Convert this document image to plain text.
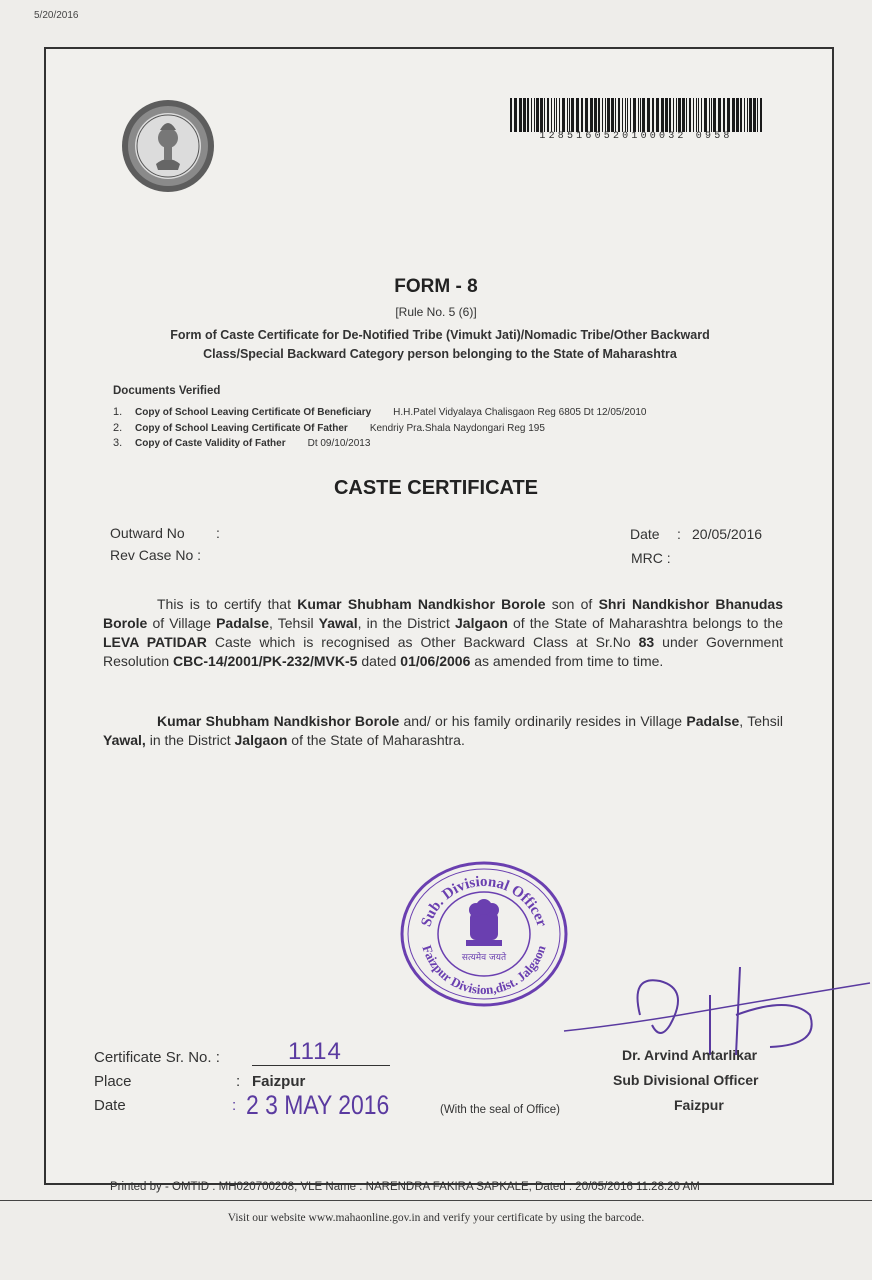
5/20/2016
1285160520100032 0958
FORM - 8
[Rule No. 5 (6)]
Form of Caste Certificate for De-Notified Tribe (Vimukt Jati)/Nomadic Tribe/Other Backward
Class/Special Backward Category person belonging to the State of Maharashtra
Documents Verified
1. Copy of School Leaving Certificate Of Beneficiary H.H.Patel Vidyalaya Chalisgaon Reg 6805 Dt 12/05/2010
2. Copy of School Leaving Certificate Of Father Kendriy Pra.Shala Naydongari Reg 195
3. Copy of Caste Validity of Father Dt 09/10/2013
CASTE CERTIFICATE
Outward No :
Rev Case No :
Date : 20/05/2016
MRC :
This is to certify that Kumar Shubham Nandkishor Borole son of Shri Nandkishor Bhanudas Borole of Village Padalse, Tehsil Yawal, in the District Jalgaon of the State of Maharashtra belongs to the LEVA PATIDAR Caste which is recognised as Other Backward Class at Sr.No 83 under Government Resolution CBC-14/2001/PK-232/MVK-5 dated 01/06/2006 as amended from time to time.
Kumar Shubham Nandkishor Borole and/ or his family ordinarily resides in Village Padalse, Tehsil Yawal, in the District Jalgaon of the State of Maharashtra.
Sub. Divisional Officer
Faizpur Division,dist. Jalgaon
सत्यमेव जयते
Certificate Sr. No. :	1114
Place	: Faizpur
Date	: 2 3 MAY 2016	(With the seal of Office)
Dr. Arvind Antarlikar
Sub Divisional Officer
Faizpur
Printed by - OMTID : MH020700208, VLE Name : NARENDRA FAKIRA SAPKALE, Dated : 20/05/2016 11:28:20 AM
Visit our website www.mahaonline.gov.in and verify your certificate by using the barcode.
